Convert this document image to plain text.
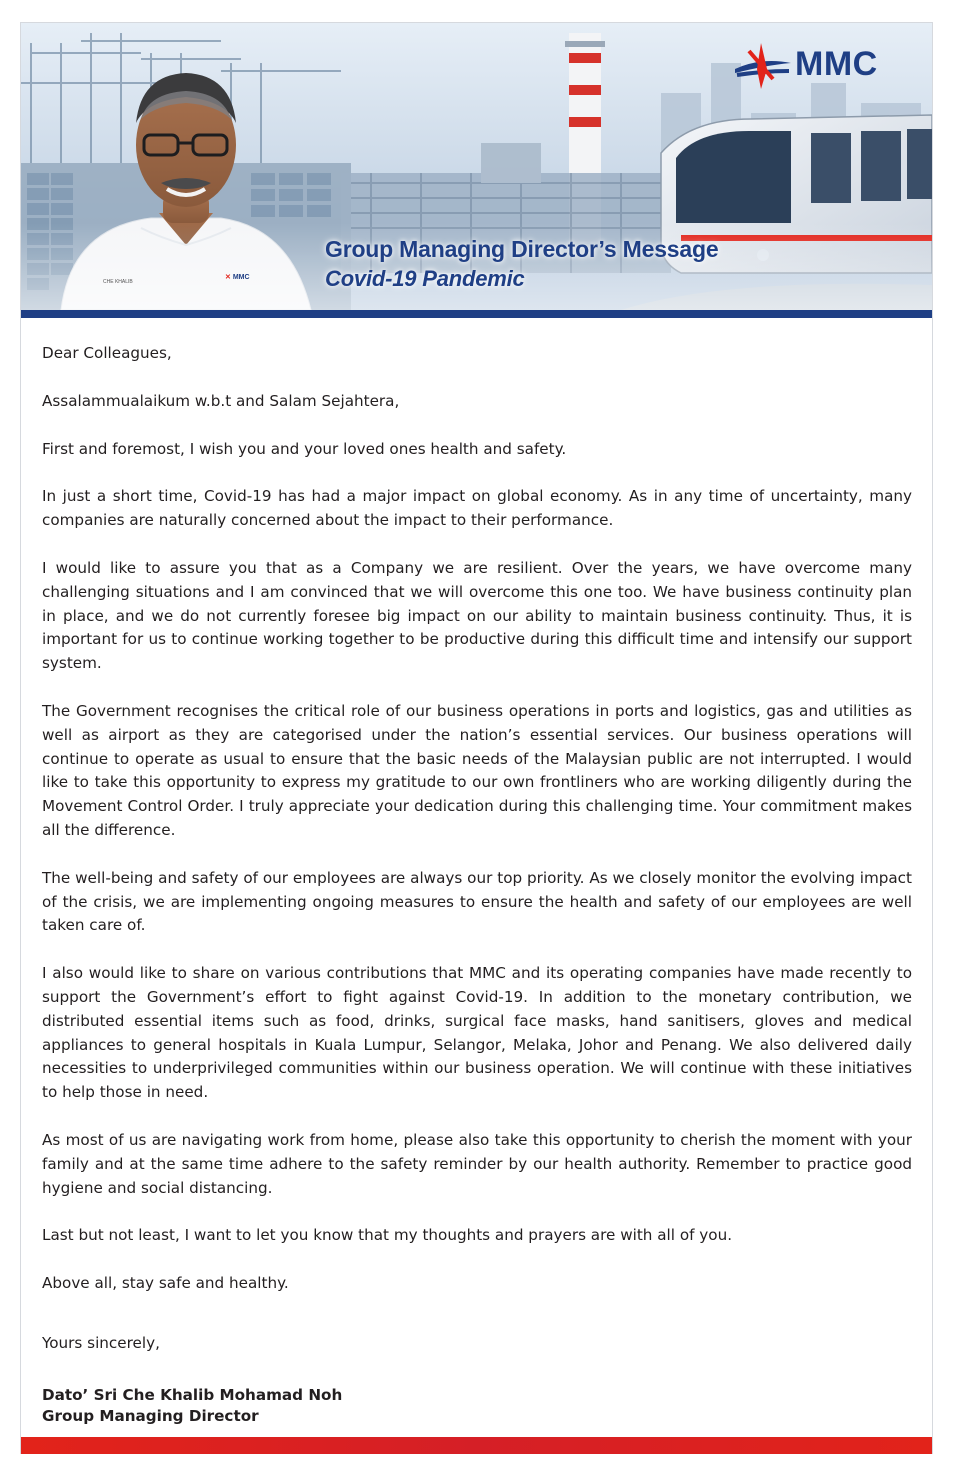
CHE KHALIB
✕ MMC
MMC
Group Managing Director’s Message
Covid-19 Pandemic

Dear Colleagues,

Assalammualaikum w.b.t and Salam Sejahtera,

First and foremost, I wish you and your loved ones health and safety.

In just a short time, Covid-19 has had a major impact on global economy. As in any time of uncertainty, many companies are naturally concerned about the impact to their performance.

I would like to assure you that as a Company we are resilient. Over the years, we have overcome many challenging situations and I am convinced that we will overcome this one too. We have business continuity plan in place, and we do not currently foresee big impact on our ability to maintain business continuity. Thus, it is important for us to continue working together to be productive during this difficult time and intensify our support system.

The Government recognises the critical role of our business operations in ports and logistics, gas and utilities as well as airport as they are categorised under the nation’s essential services. Our business operations will continue to operate as usual to ensure that the basic needs of the Malaysian public are not interrupted. I would like to take this opportunity to express my gratitude to our own frontliners who are working diligently during the Movement Control Order. I truly appreciate your dedication during this challenging time. Your commitment makes all the difference.

The well-being and safety of our employees are always our top priority. As we closely monitor the evolving impact of the crisis, we are implementing ongoing measures to ensure the health and safety of our employees are well taken care of.

I also would like to share on various contributions that MMC and its operating companies have made recently to support the Government’s effort to fight against Covid-19. In addition to the monetary contribution, we distributed essential items such as food, drinks, surgical face masks, hand sanitisers, gloves and medical appliances to general hospitals in Kuala Lumpur, Selangor, Melaka, Johor and Penang. We also delivered daily necessities to underprivileged communities within our business operation. We will continue with these initiatives to help those in need.

As most of us are navigating work from home, please also take this opportunity to cherish the moment with your family and at the same time adhere to the safety reminder by our health authority. Remember to practice good hygiene and social distancing.

Last but not least, I want to let you know that my thoughts and prayers are with all of you.

Above all, stay safe and healthy.

Yours sincerely,

Dato’ Sri Che Khalib Mohamad Noh
Group Managing Director
